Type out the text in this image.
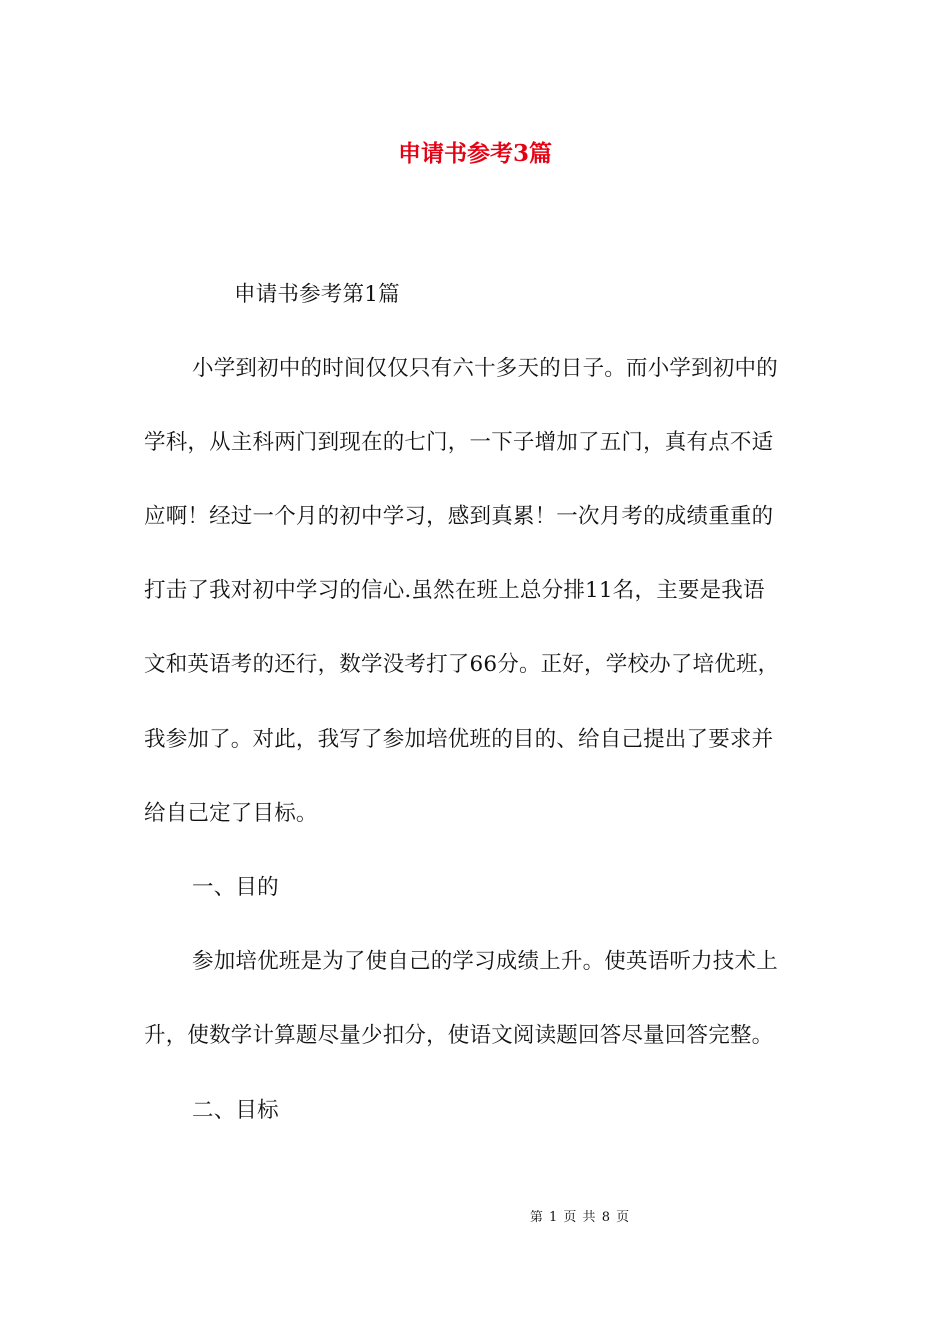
申请书参考3篇
申请书参考第1篇
小学到初中的时间仅仅只有六十多天的日子。而小学到初中的
学科，从主科两门到现在的七门，一下子增加了五门，真有点不适
应啊！经过一个月的初中学习，感到真累！一次月考的成绩重重的
打击了我对初中学习的信心.虽然在班上总分排11名，主要是我语
文和英语考的还行，数学没考打了66分。正好，学校办了培优班，
我参加了。对此，我写了参加培优班的目的、给自己提出了要求并
给自己定了目标。
一、目的
参加培优班是为了使自己的学习成绩上升。使英语听力技术上
升，使数学计算题尽量少扣分，使语文阅读题回答尽量回答完整。
二、目标
第 1 页 共 8 页
